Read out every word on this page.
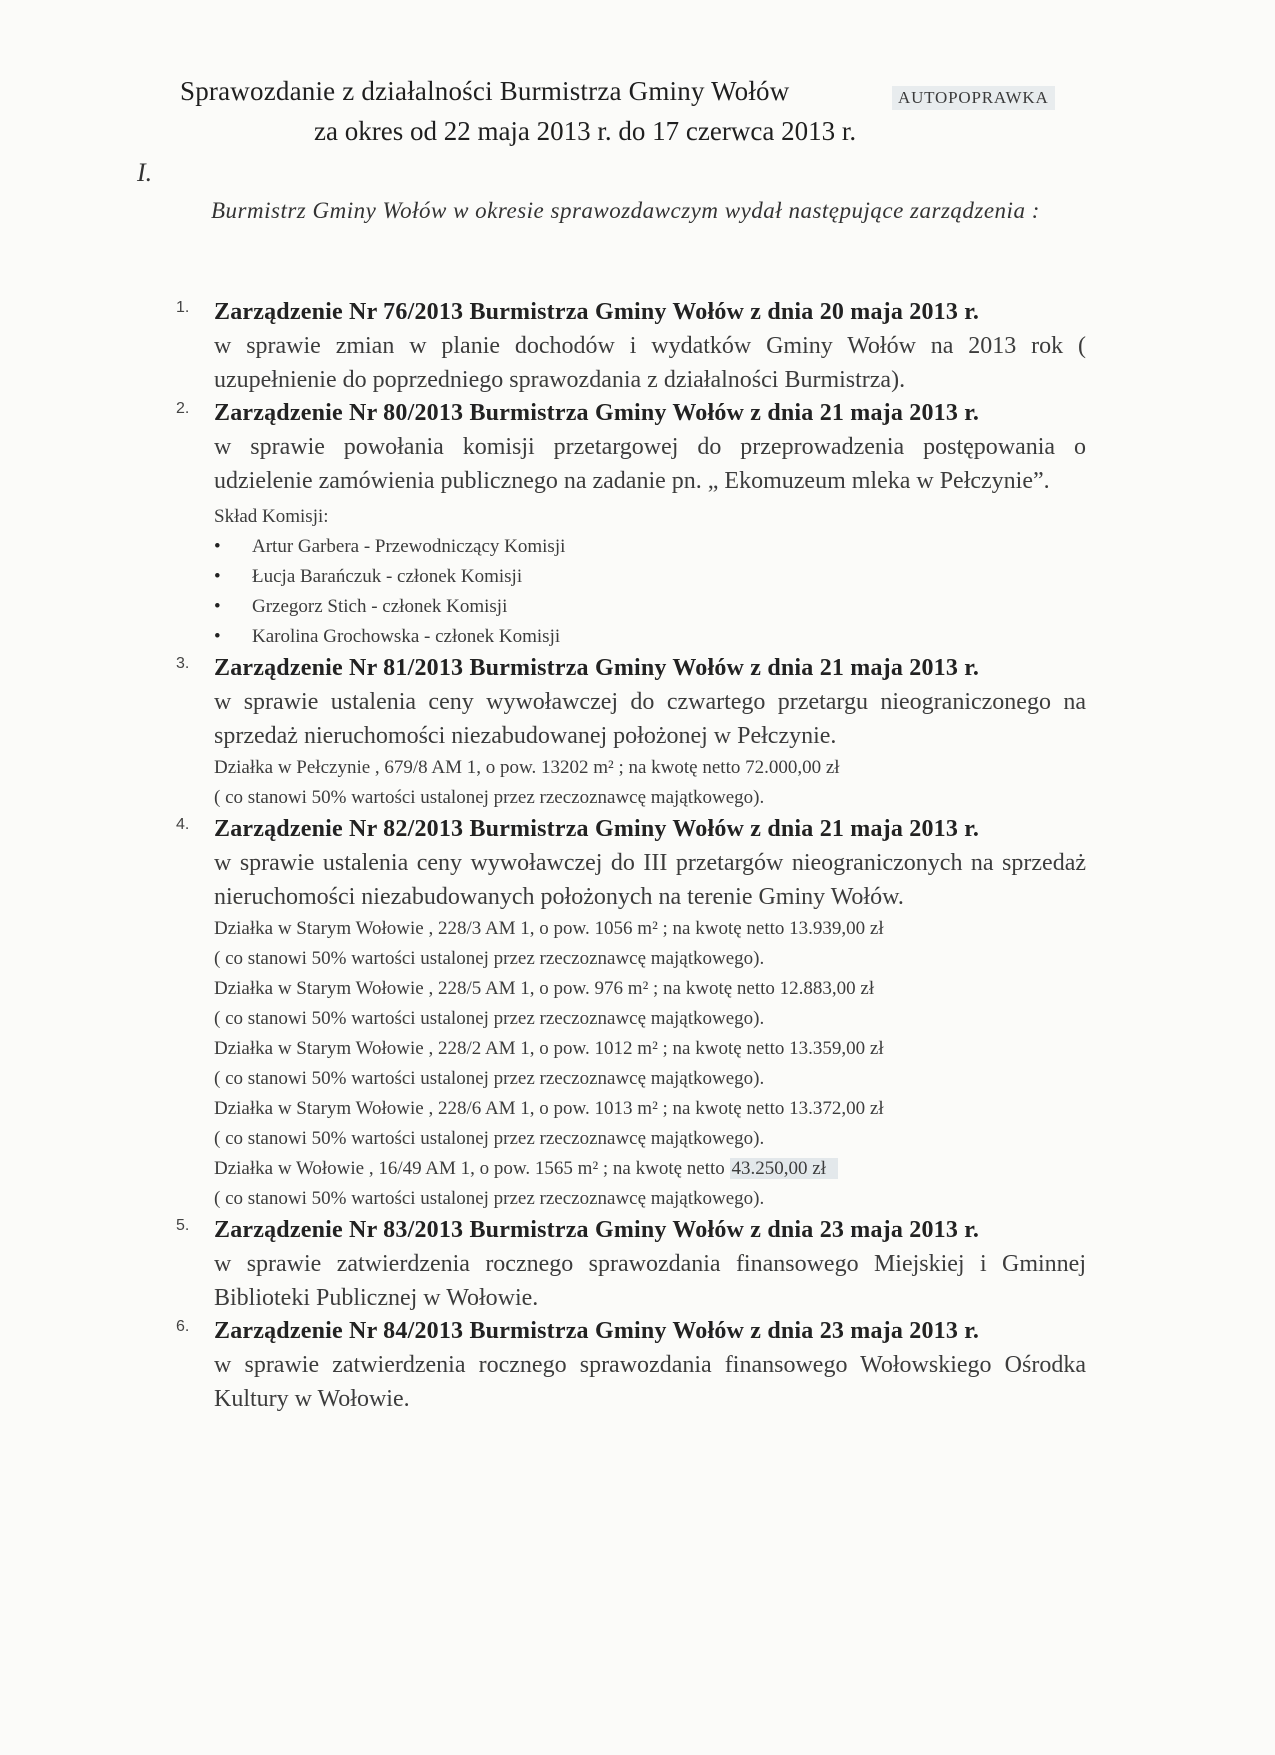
Sprawozdanie z działalności Burmistrza Gminy Wołów	AUTOPOPRAWKA
za okres od 22 maja 2013 r. do 17 czerwca 2013 r.
I.
Burmistrz Gminy Wołów w okresie sprawozdawczym wydał następujące zarządzenia :
1. Zarządzenie Nr 76/2013 Burmistrza Gminy Wołów z dnia 20 maja 2013 r.
w sprawie zmian w planie dochodów i wydatków Gminy Wołów na 2013 rok ( uzupełnienie do poprzedniego sprawozdania z działalności Burmistrza).
2. Zarządzenie Nr 80/2013 Burmistrza Gminy Wołów z dnia 21 maja 2013 r.
w sprawie powołania komisji przetargowej do przeprowadzenia postępowania o udzielenie zamówienia publicznego na zadanie pn. „ Ekomuzeum mleka w Pełczynie”.
Skład Komisji:
• Artur Garbera - Przewodniczący Komisji
• Łucja Barańczuk - członek Komisji
• Grzegorz Stich - członek Komisji
• Karolina Grochowska - członek Komisji
3. Zarządzenie Nr 81/2013 Burmistrza Gminy Wołów z dnia 21 maja 2013 r.
w sprawie ustalenia ceny wywoławczej do czwartego przetargu nieograniczonego na sprzedaż nieruchomości niezabudowanej położonej w Pełczynie.
Działka w Pełczynie , 679/8 AM 1, o pow. 13202 m² ; na kwotę netto 72.000,00 zł
( co stanowi 50% wartości ustalonej przez rzeczoznawcę majątkowego).
4. Zarządzenie Nr 82/2013 Burmistrza Gminy Wołów z dnia 21 maja 2013 r.
w sprawie ustalenia ceny wywoławczej do III przetargów nieograniczonych na sprzedaż nieruchomości niezabudowanych położonych na terenie Gminy Wołów.
Działka w Starym Wołowie , 228/3 AM 1, o pow. 1056 m² ; na kwotę netto 13.939,00 zł
( co stanowi 50% wartości ustalonej przez rzeczoznawcę majątkowego).
Działka w Starym Wołowie , 228/5 AM 1, o pow. 976 m² ; na kwotę netto 12.883,00 zł
( co stanowi 50% wartości ustalonej przez rzeczoznawcę majątkowego).
Działka w Starym Wołowie , 228/2 AM 1, o pow. 1012 m² ; na kwotę netto 13.359,00 zł
( co stanowi 50% wartości ustalonej przez rzeczoznawcę majątkowego).
Działka w Starym Wołowie , 228/6 AM 1, o pow. 1013 m² ; na kwotę netto 13.372,00 zł
( co stanowi 50% wartości ustalonej przez rzeczoznawcę majątkowego).
Działka w Wołowie , 16/49 AM 1, o pow. 1565 m² ; na kwotę netto 43.250,00 zł
( co stanowi 50% wartości ustalonej przez rzeczoznawcę majątkowego).
5. Zarządzenie Nr 83/2013 Burmistrza Gminy Wołów z dnia 23 maja 2013 r.
w sprawie zatwierdzenia rocznego sprawozdania finansowego Miejskiej i Gminnej Biblioteki Publicznej w Wołowie.
6. Zarządzenie Nr 84/2013 Burmistrza Gminy Wołów z dnia 23 maja 2013 r.
w sprawie zatwierdzenia rocznego sprawozdania finansowego Wołowskiego Ośrodka Kultury w Wołowie.
